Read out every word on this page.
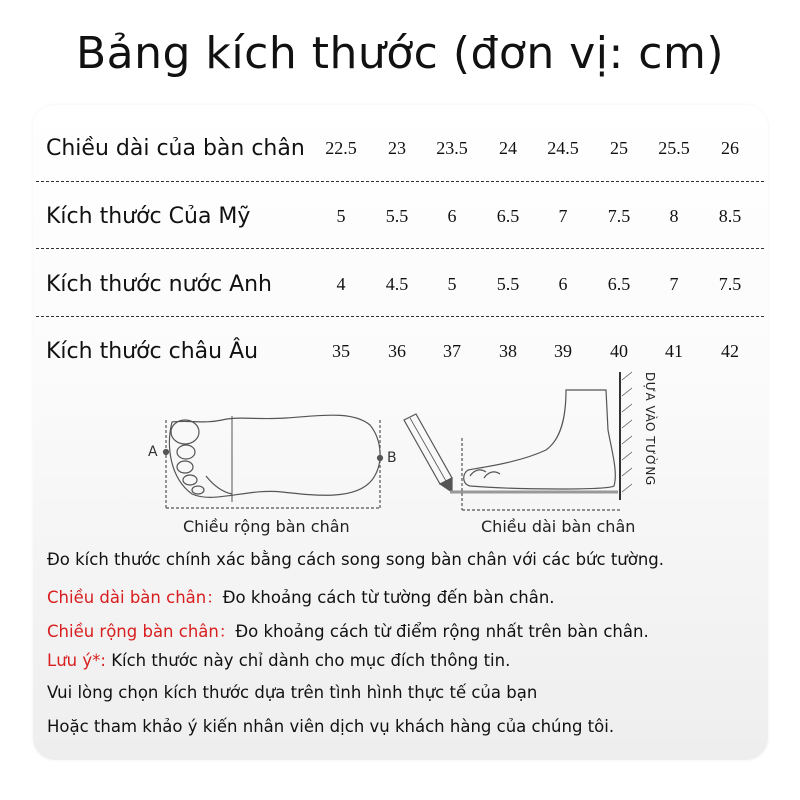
Bảng kích thước (đơn vị: cm)
Chiều dài của bàn chân	22.5	23	23.5	24	24.5	25	25.5	26
Kích thước Của Mỹ	5	5.5	6	6.5	7	7.5	8	8.5
Kích thước nước Anh	4	4.5	5	5.5	6	6.5	7	7.5
Kích thước châu Âu	35	36	37	38	39	40	41	42
A	B	DỰA VÀO TƯỜNG
Chiều rộng bàn chân	Chiều dài bàn chân
Đo kích thước chính xác bằng cách song song bàn chân với các bức tường.
Chiều dài bàn chân：Đo khoảng cách từ tường đến bàn chân.
Chiều rộng bàn chân：Đo khoảng cách từ điểm rộng nhất trên bàn chân.
Lưu ý*: Kích thước này chỉ dành cho mục đích thông tin.
Vui lòng chọn kích thước dựa trên tình hình thực tế của bạn
Hoặc tham khảo ý kiến nhân viên dịch vụ khách hàng của chúng tôi.
